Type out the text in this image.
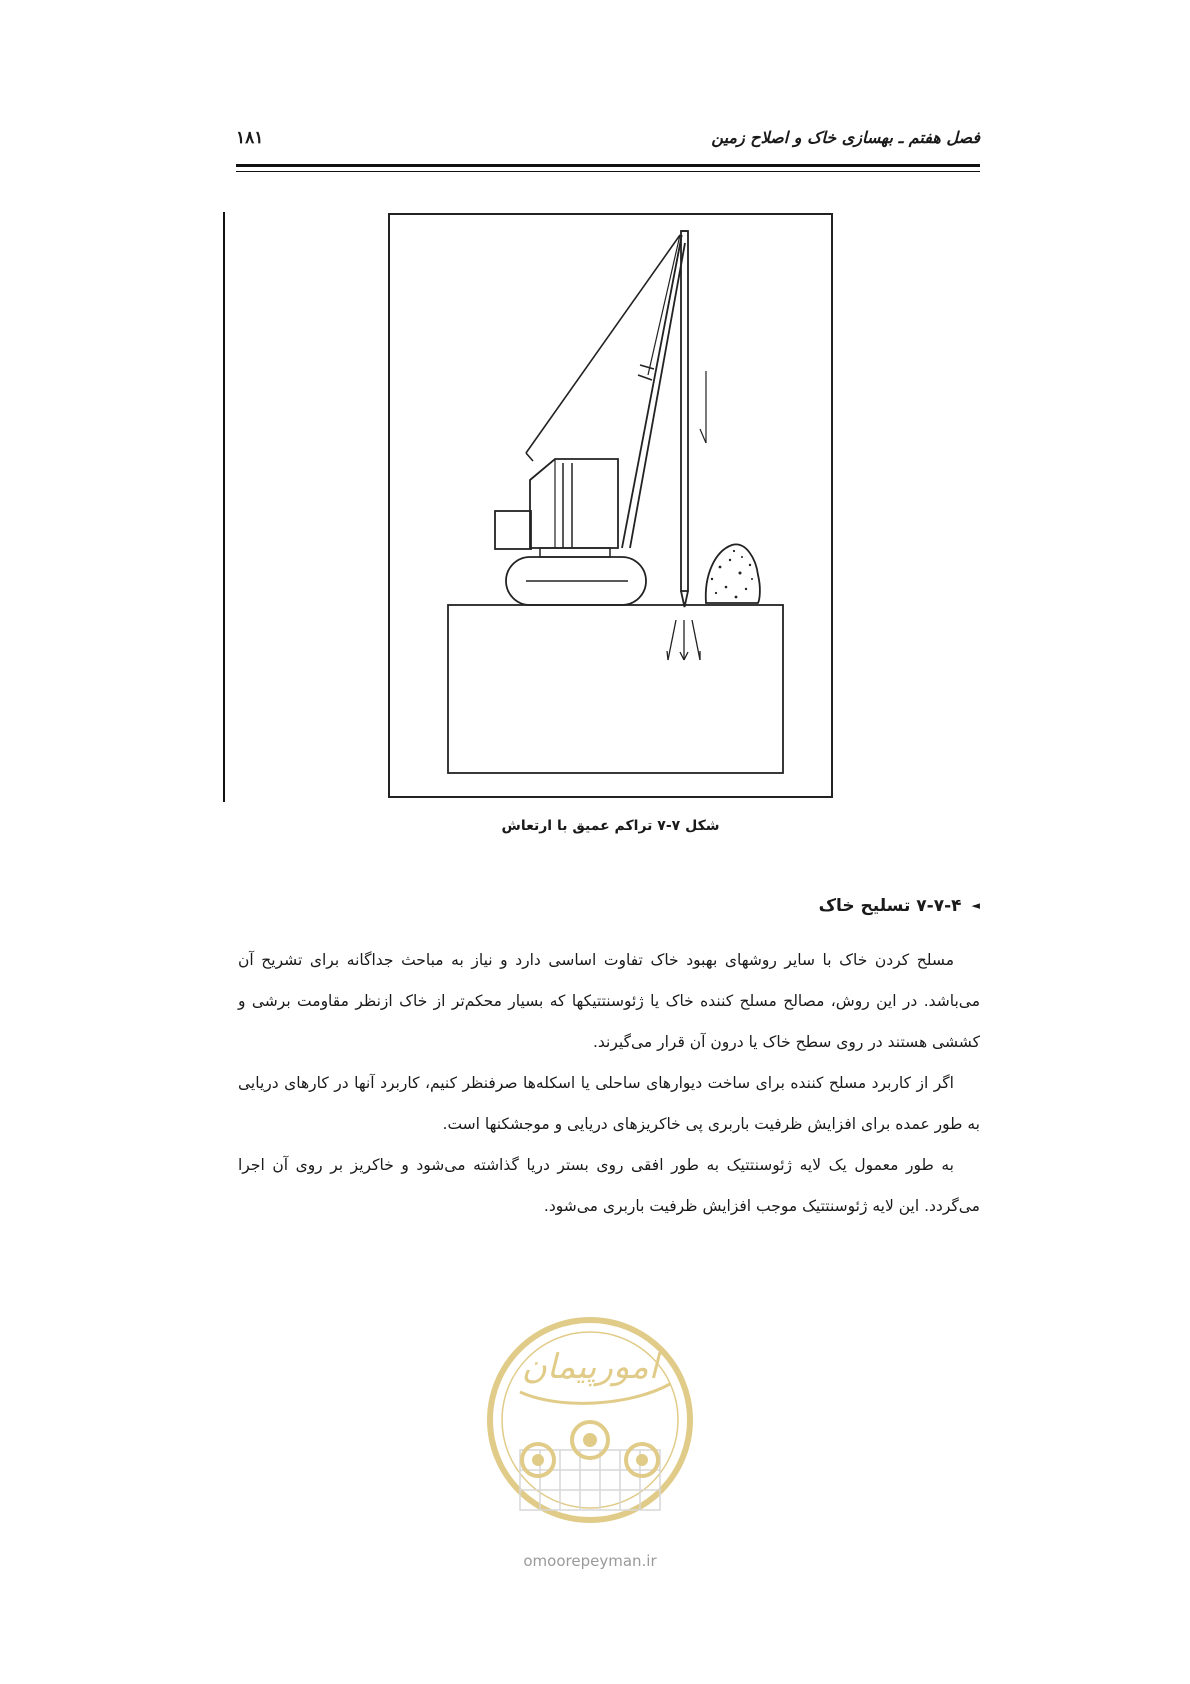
فصل هفتم ـ بهسازی خاک و اصلاح زمین
۱۸۱
شکل ۷-۷ تراکم عمیق با ارتعاش
◄۷-۷-۴ تسلیح خاک

مسلح کردن خاک با سایر روشهای بهبود خاک تفاوت اساسی دارد و نیاز به مباحث جداگانه برای تشریح آن می‌باشد. در این روش، مصالح مسلح کننده خاک یا ژئوسنتتیکها که بسیار محکم‌تر از خاک ازنظر مقاومت برشی و کششی هستند در روی سطح خاک یا درون آن قرار می‌گیرند.

اگر از کاربرد مسلح کننده برای ساخت دیوارهای ساحلی یا اسکله‌ها صرفنظر کنیم، کاربرد آنها در کارهای دریایی به طور عمده برای افزایش ظرفیت باربری پی خاکریزهای دریایی و موجشکنها است.

به طور معمول یک لایه ژئوسنتتیک به طور افقی روی بستر دریا گذاشته می‌شود و خاکریز بر روی آن اجرا می‌گردد. این لایه ژئوسنتتیک موجب افزایش ظرفیت باربری می‌شود.

امورپیمان
omoorepeyman.ir
